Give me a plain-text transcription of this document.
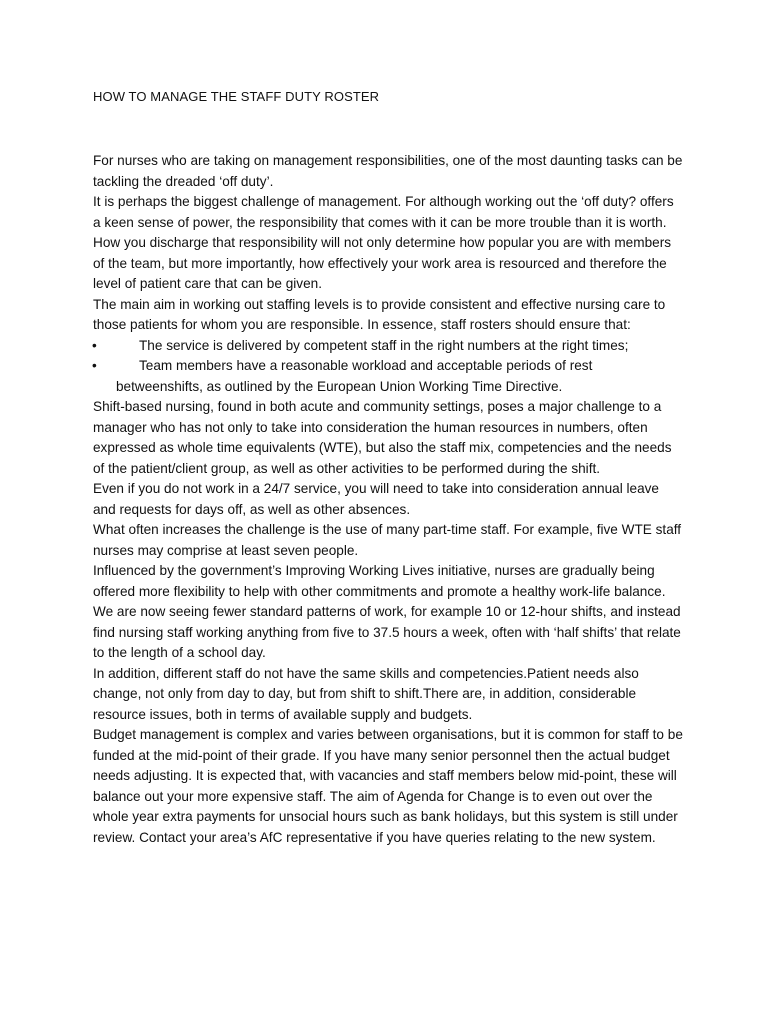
HOW TO MANAGE THE STAFF DUTY ROSTER

For nurses who are taking on management responsibilities, one of the most daunting tasks can be tackling the dreaded ‘off duty’.

It is perhaps the biggest challenge of management. For although working out the ‘off duty? offers a keen sense of power, the responsibility that comes with it can be more trouble than it is worth. How you discharge that responsibility will not only determine how popular you are with members of the team, but more importantly, how effectively your work area is resourced and therefore the level of patient care that can be given.

The main aim in working out staffing levels is to provide consistent and effective nursing care to those patients for whom you are responsible. In essence, staff rosters should ensure that:

•	The service is delivered by competent staff in the right numbers at the right times;
•	Team members have a reasonable workload and acceptable periods of rest
betweenshifts, as outlined by the European Union Working Time Directive.

Shift-based nursing, found in both acute and community settings, poses a major challenge to a manager who has not only to take into consideration the human resources in numbers, often expressed as whole time equivalents (WTE), but also the staff mix, competencies and the needs of the patient/client group, as well as other activities to be performed during the shift.

Even if you do not work in a 24/7 service, you will need to take into consideration annual leave and requests for days off, as well as other absences.

What often increases the challenge is the use of many part-time staff. For example, five WTE staff nurses may comprise at least seven people.

Influenced by the government’s Improving Working Lives initiative, nurses are gradually being offered more flexibility to help with other commitments and promote a healthy work-life balance.

We are now seeing fewer standard patterns of work, for example 10 or 12-hour shifts, and instead find nursing staff working anything from five to 37.5 hours a week, often with ‘half shifts’ that relate to the length of a school day.

In addition, different staff do not have the same skills and competencies.Patient needs also change, not only from day to day, but from shift to shift.There are, in addition, considerable resource issues, both in terms of available supply and budgets.

Budget management is complex and varies between organisations, but it is common for staff to be funded at the mid-point of their grade. If you have many senior personnel then the actual budget needs adjusting. It is expected that, with vacancies and staff members below mid-point, these will balance out your more expensive staff. The aim of Agenda for Change is to even out over the whole year extra payments for unsocial hours such as bank holidays, but this system is still under review. Contact your area’s AfC representative if you have queries relating to the new system.
